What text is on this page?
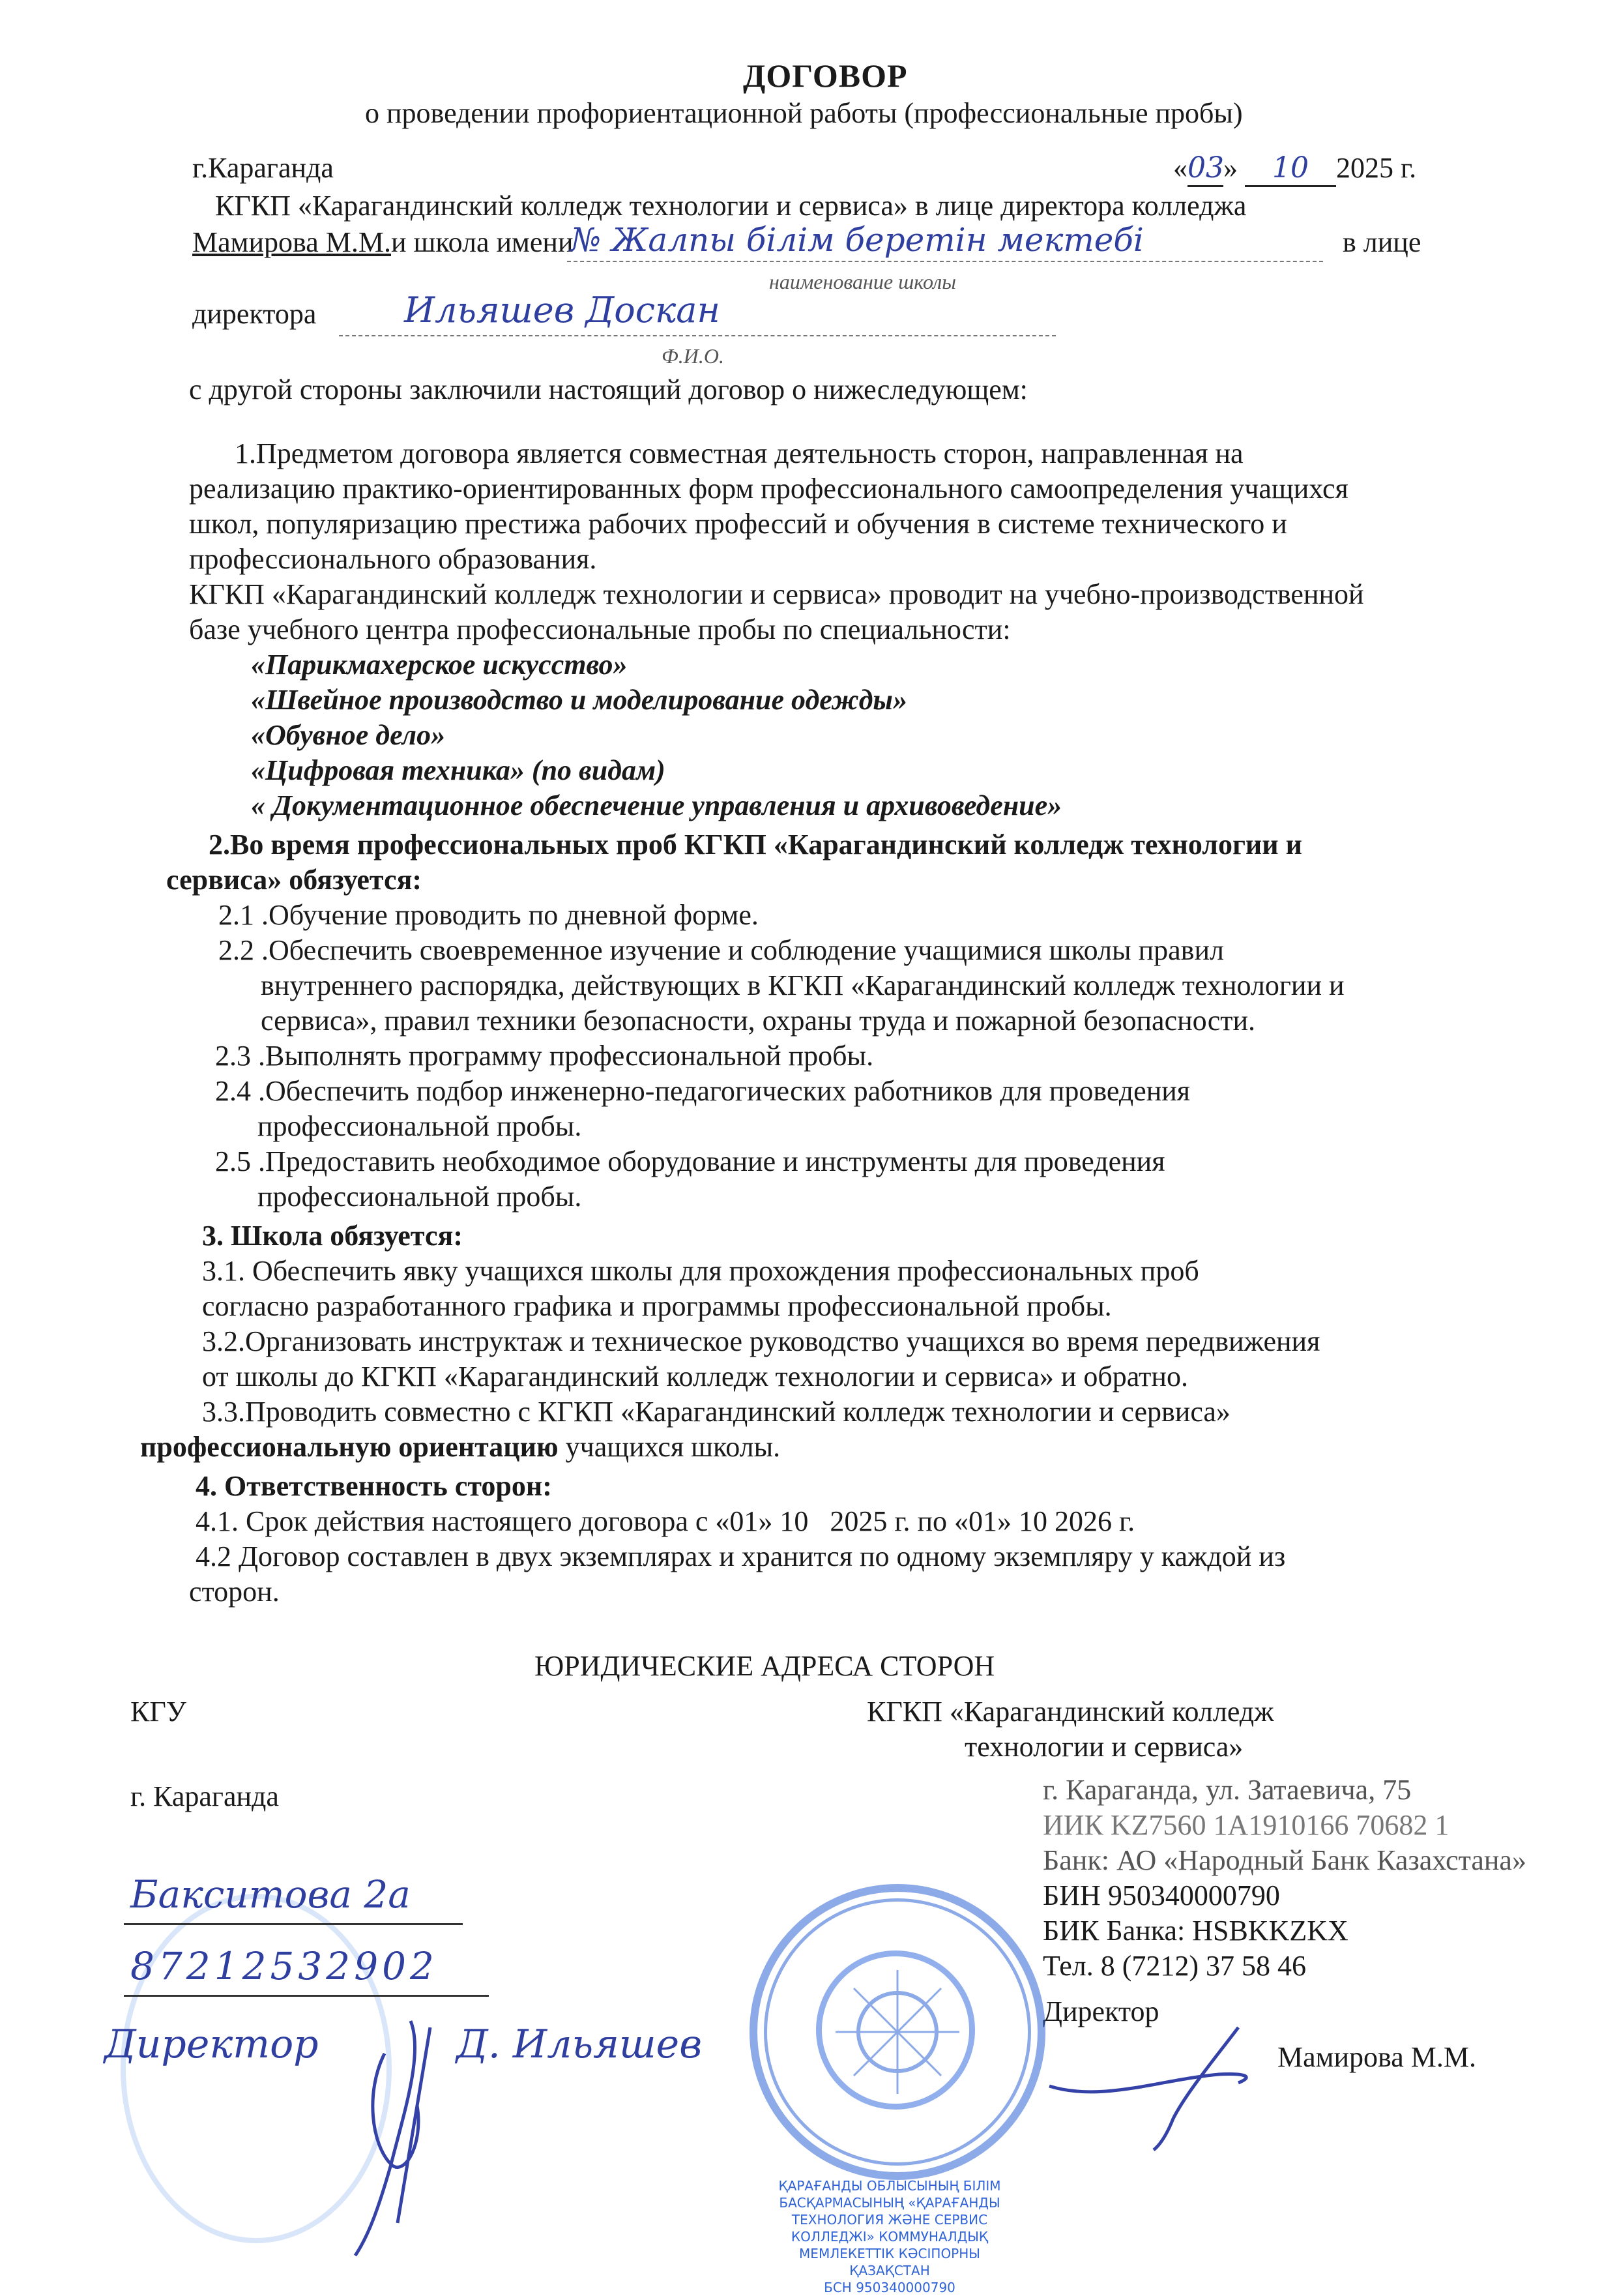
ДОГОВОР
о проведении профориентационной работы (профессиональные пробы)
г.Караганда
КГКП «Карагандинский колледж технологии и сервиса» в лице директора колледжа
«03» 10 2025 г.
Мамирова М.М. и школа имени
№ Жалпы білім беретін мектебі	в лице
наименование школы
директора Ильяшев Доскан
Ф.И.О.
с другой стороны заключили настоящий договор о нижеследующем:
1.Предметом договора является совместная деятельность сторон, направленная на
реализацию практико-ориентированных форм профессионального самоопределения учащихся
школ, популяризацию престижа рабочих профессий и обучения в системе технического и
профессионального образования.
КГКП «Карагандинский колледж технологии и сервиса» проводит на учебно-производственной
базе учебного центра профессиональные пробы по специальности:
«Парикмахерское искусство»
«Швейное производство и моделирование одежды»
«Обувное дело»
«Цифровая техника» (по видам)
« Документационное обеспечение управления и архивоведение»
2.Во время профессиональных проб КГКП «Карагандинский колледж технологии и
сервиса» обязуется:
2.1 .Обучение проводить по дневной форме.
2.2 .Обеспечить своевременное изучение и соблюдение учащимися школы правил
внутреннего распорядка, действующих в КГКП «Карагандинский колледж технологии и
сервиса», правил техники безопасности, охраны труда и пожарной безопасности.
2.3 .Выполнять программу профессиональной пробы.
2.4 .Обеспечить подбор инженерно-педагогических работников для проведения
профессиональной пробы.
2.5 .Предоставить необходимое оборудование и инструменты для проведения
профессиональной пробы.
3. Школа обязуется:
3.1. Обеспечить явку учащихся школы для прохождения профессиональных проб
согласно разработанного графика и программы профессиональной пробы.
3.2.Организовать инструктаж и техническое руководство учащихся во время передвижения
от школы до КГКП «Карагандинский колледж технологии и сервиса» и обратно.
3.3.Проводить совместно с КГКП «Карагандинский колледж технологии и сервиса»
профессиональную ориентацию учащихся школы.
4. Ответственность сторон:
4.1. Срок действия настоящего договора с «01» 10   2025 г. по «01» 10 2026 г.
4.2 Договор составлен в двух экземплярах и хранится по одному экземпляру у каждой из
сторон.
ЮРИДИЧЕСКИЕ АДРЕСА СТОРОН
КГУ
г. Караганда
КГКП «Карагандинский колледж
технологии и сервиса»
г. Караганда, ул. Затаевича, 75
ИИК KZ7560 1A1910166 70682 1
Банк: АО «Народный Банк Казахстана»
БИН 950340000790
БИК Банка: HSBKKZKX
Тел. 8 (7212) 37 58 46
Директор
Мамирова М.М.
Бакситова 2а
87212532902
Директор	Д. Ильяшев
ҚАРАҒАНДЫ ОБЛЫСЫНЫҢ БІЛІМ БАСҚАРМАСЫНЫҢ «ҚАРАҒАНДЫ ТЕХНОЛОГИЯ ЖӘНЕ СЕРВИС КОЛЛЕДЖІ» КОММУНАЛДЫҚ МЕМЛЕКЕТТІК КӘСІПОРНЫ
ҚАЗАҚСТАН
БСН 950340000790
